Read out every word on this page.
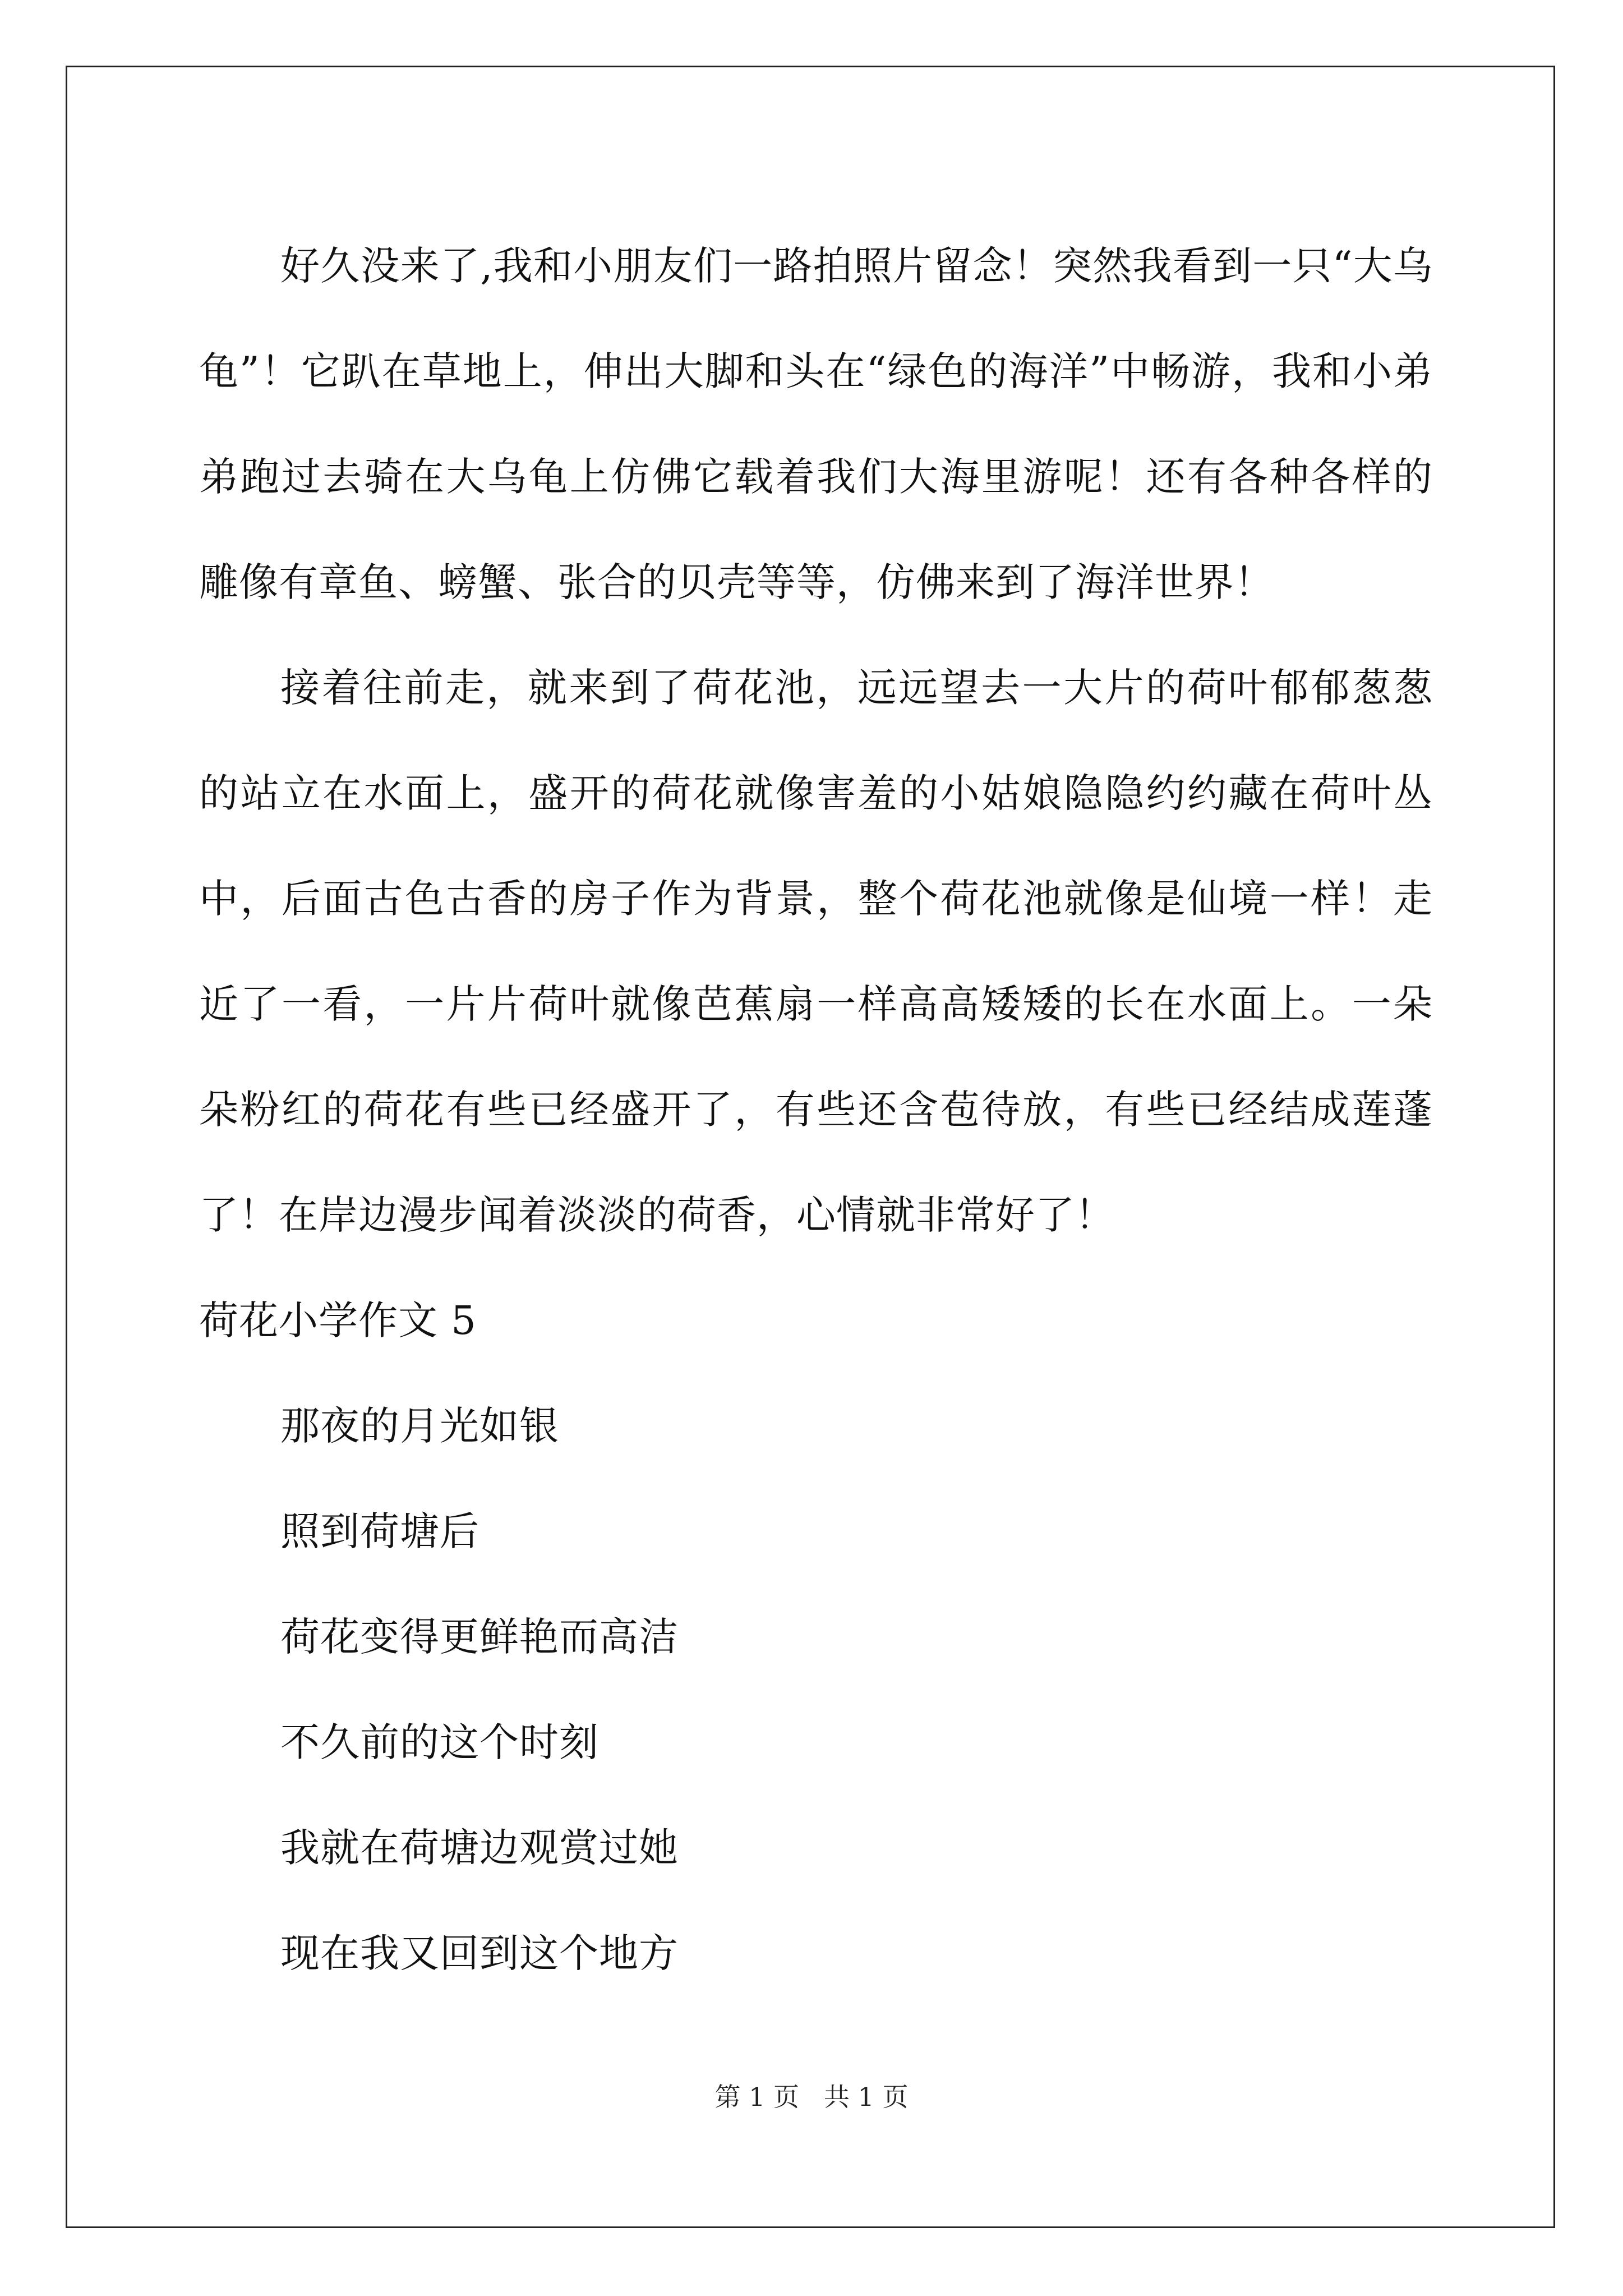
好久没来了,我和小朋友们一路拍照片留念！突然我看到一只“大乌龟”！它趴在草地上，伸出大脚和头在“绿色的海洋”中畅游，我和小弟弟跑过去骑在大乌龟上仿佛它载着我们大海里游呢！还有各种各样的雕像有章鱼、螃蟹、张合的贝壳等等，仿佛来到了海洋世界！

接着往前走，就来到了荷花池，远远望去一大片的荷叶郁郁葱葱的站立在水面上，盛开的荷花就像害羞的小姑娘隐隐约约藏在荷叶丛中，后面古色古香的房子作为背景，整个荷花池就像是仙境一样！走近了一看，一片片荷叶就像芭蕉扇一样高高矮矮的长在水面上。一朵朵粉红的荷花有些已经盛开了，有些还含苞待放，有些已经结成莲蓬了！在岸边漫步闻着淡淡的荷香，心情就非常好了！

荷花小学作文 5

那夜的月光如银

照到荷塘后

荷花变得更鲜艳而高洁

不久前的这个时刻

我就在荷塘边观赏过她

现在我又回到这个地方

第 1 页 共 1 页
